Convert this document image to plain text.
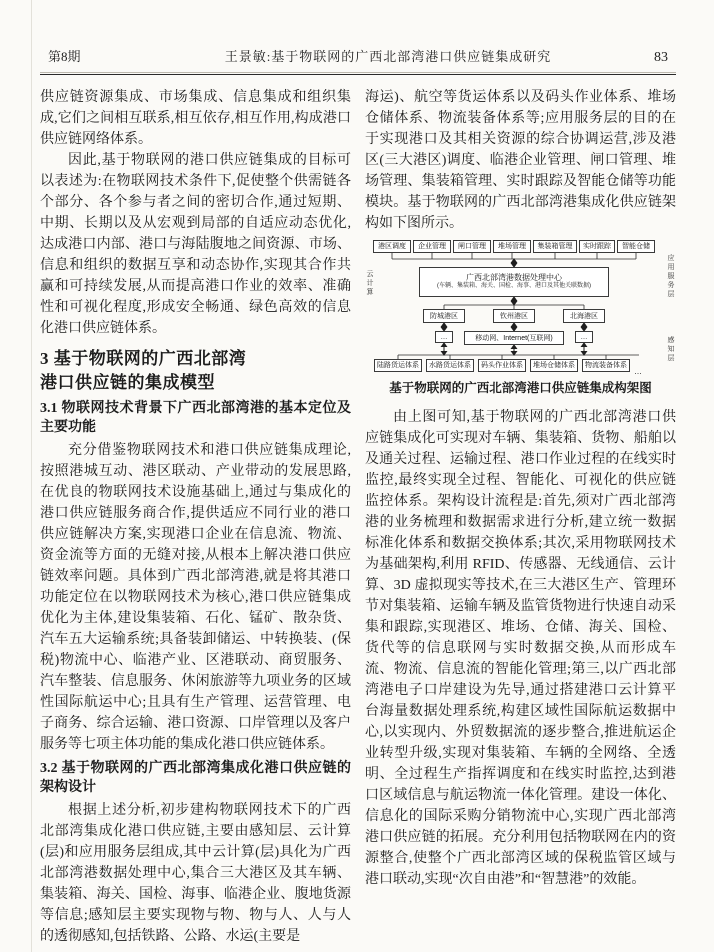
第8期	王景敏:基于物联网的广西北部湾港口供应链集成研究	83

供应链资源集成、市场集成、信息集成和组织集成,它们之间相互联系,相互依存,相互作用,构成港口供应链网络体系。

因此,基于物联网的港口供应链集成的目标可以表述为:在物联网技术条件下,促使整个供需链各个部分、各个参与者之间的密切合作,通过短期、中期、长期以及从宏观到局部的自适应动态优化,达成港口内部、港口与海陆腹地之间资源、市场、信息和组织的数据互享和动态协作,实现其合作共赢和可持续发展,从而提高港口作业的效率、准确性和可视化程度,形成安全畅通、绿色高效的信息化港口供应链体系。

3 基于物联网的广西北部湾
港口供应链的集成模型
3.1 物联网技术背景下广西北部湾港的基本定位及主要功能

充分借鉴物联网技术和港口供应链集成理论,按照港城互动、港区联动、产业带动的发展思路,在优良的物联网技术设施基础上,通过与集成化的港口供应链服务商合作,提供适应不同行业的港口供应链解决方案,实现港口企业在信息流、物流、资金流等方面的无缝对接,从根本上解决港口供应链效率问题。具体到广西北部湾港,就是将其港口功能定位在以物联网技术为核心,港口供应链集成优化为主体,建设集装箱、石化、锰矿、散杂货、汽车五大运输系统;具备装卸储运、中转换装、(保税)物流中心、临港产业、区港联动、商贸服务、汽车整装、信息服务、休闲旅游等九项业务的区域性国际航运中心;且具有生产管理、运营管理、电子商务、综合运输、港口资源、口岸管理以及客户服务等七项主体功能的集成化港口供应链体系。

3.2 基于物联网的广西北部湾集成化港口供应链的架构设计

根据上述分析,初步建构物联网技术下的广西北部湾集成化港口供应链,主要由感知层、云计算(层)和应用服务层组成,其中云计算(层)具化为广西北部湾港数据处理中心,集合三大港区及其车辆、集装箱、海关、国检、海事、临港企业、腹地货源等信息;感知层主要实现物与物、物与人、人与人的透彻感知,包括铁路、公路、水运(主要是

海运)、航空等货运体系以及码头作业体系、堆场仓储体系、物流装备体系等;应用服务层的目的在于实现港口及其相关资源的综合协调运营,涉及港区(三大港区)调度、临港企业管理、闸口管理、堆场管理、集装箱管理、实时跟踪及智能仓储等功能模块。基于物联网的广西北部湾港集成化供应链架构如下图所示。

港区调度	企业管理	闸口管理	堆场管理	集装箱管理	实时跟踪	智能仓储
广西北部湾港数据处理中心
(车辆、集装箱、海关、国检、海事、港口及其他关联数据)
防城港区	钦州港区	北海港区
…	移动网、Internet(互联网)	…
陆路货运体系	水路货运体系	码头作业体系	堆场仓储体系	物流装备体系
…
云计算	应用服务层
感知层
基于物联网的广西北部湾港口供应链集成构架图

由上图可知,基于物联网的广西北部湾港口供应链集成化可实现对车辆、集装箱、货物、船舶以及通关过程、运输过程、港口作业过程的在线实时监控,最终实现全过程、智能化、可视化的供应链监控体系。架构设计流程是:首先,须对广西北部湾港的业务梳理和数据需求进行分析,建立统一数据标准化体系和数据交换体系;其次,采用物联网技术为基础架构,利用 RFID、传感器、无线通信、云计算、3D 虚拟现实等技术,在三大港区生产、管理环节对集装箱、运输车辆及监管货物进行快速自动采集和跟踪,实现港区、堆场、仓储、海关、国检、货代等的信息联网与实时数据交换,从而形成车流、物流、信息流的智能化管理;第三,以广西北部湾港电子口岸建设为先导,通过搭建港口云计算平台海量数据处理系统,构建区域性国际航运数据中心,以实现内、外贸数据流的逐步整合,推进航运企业转型升级,实现对集装箱、车辆的全网络、全透明、全过程生产指挥调度和在线实时监控,达到港口区域信息与航运物流一体化管理。建设一体化、信息化的国际采购分销物流中心,实现广西北部湾港口供应链的拓展。充分利用包括物联网在内的资源整合,使整个广西北部湾区域的保税监管区域与港口联动,实现“次自由港”和“智慧港”的效能。
